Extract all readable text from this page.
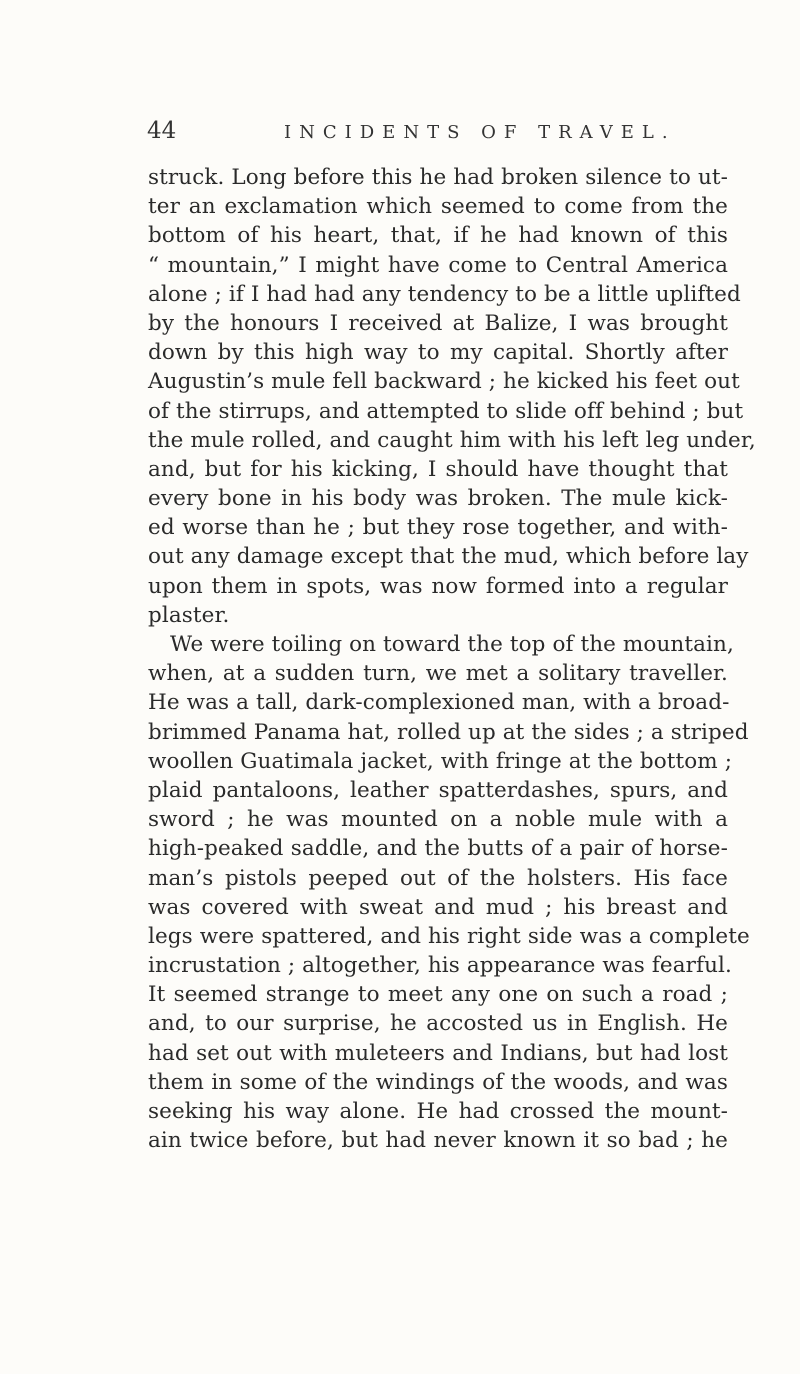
44	INCIDENTS OF TRAVEL.
struck. Long before this he had broken silence to ut-
ter an exclamation which seemed to come from the
bottom of his heart, that, if he had known of this
“ mountain,” I might have come to Central America
alone ; if I had had any tendency to be a little uplifted
by the honours I received at Balize, I was brought
down by this high way to my capital. Shortly after
Augustin’s mule fell backward ; he kicked his feet out
of the stirrups, and attempted to slide off behind ; but
the mule rolled, and caught him with his left leg under,
and, but for his kicking, I should have thought that
every bone in his body was broken. The mule kick-
ed worse than he ; but they rose together, and with-
out any damage except that the mud, which before lay
upon them in spots, was now formed into a regular
plaster.
We were toiling on toward the top of the mountain,
when, at a sudden turn, we met a solitary traveller.
He was a tall, dark-complexioned man, with a broad-
brimmed Panama hat, rolled up at the sides ; a striped
woollen Guatimala jacket, with fringe at the bottom ;
plaid pantaloons, leather spatterdashes, spurs, and
sword ; he was mounted on a noble mule with a
high-peaked saddle, and the butts of a pair of horse-
man’s pistols peeped out of the holsters. His face
was covered with sweat and mud ; his breast and
legs were spattered, and his right side was a complete
incrustation ; altogether, his appearance was fearful.
It seemed strange to meet any one on such a road ;
and, to our surprise, he accosted us in English. He
had set out with muleteers and Indians, but had lost
them in some of the windings of the woods, and was
seeking his way alone. He had crossed the mount-
ain twice before, but had never known it so bad ; he
